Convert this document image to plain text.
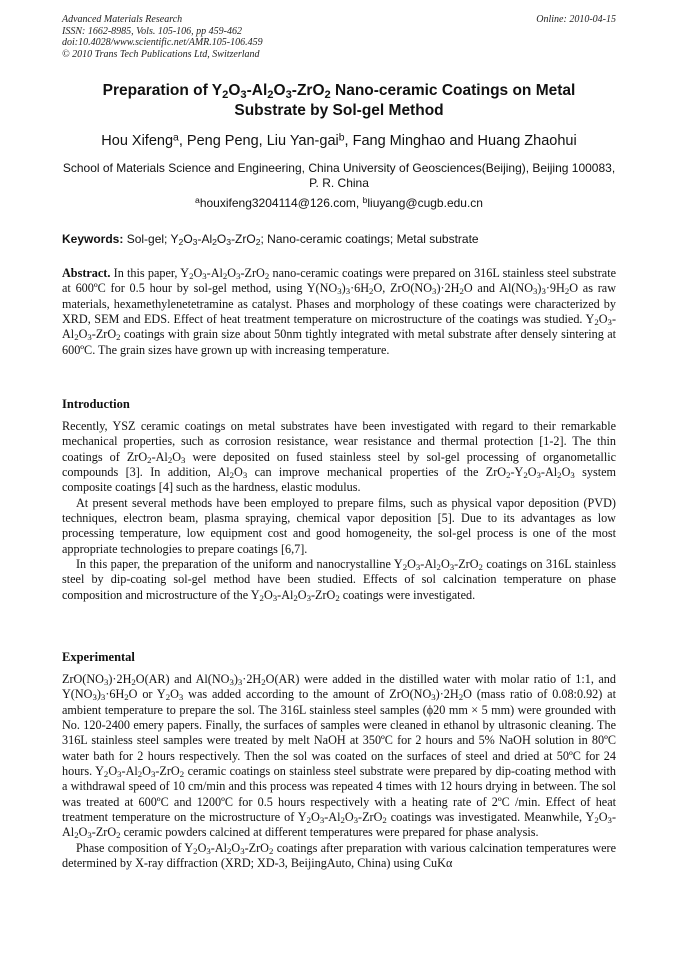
Advanced Materials Research
ISSN: 1662-8985, Vols. 105-106, pp 459-462
doi:10.4028/www.scientific.net/AMR.105-106.459
© 2010 Trans Tech Publications Ltd, Switzerland
Online: 2010-04-15
Preparation of $Y_2O_3-Al_2O_3-ZrO_2$ Nano-ceramic Coatings on Metal
Substrate by Sol-gel Method
Hou Xifeng$^a$, Peng Peng, Liu Yan-gai$^b$, Fang Minghao and Huang Zhaohui
School of Materials Science and Engineering, China University of Geosciences(Beijing), Beijing 100083, P. R. China
$^a$houxifeng3204114@126.com, $^b$liuyang@cugb.edu.cn
Keywords: Sol-gel; $Y_2O_3-Al_2O_3-ZrO_2$; Nano-ceramic coatings; Metal substrate

Abstract. In this paper, $Y_2O_3-Al_2O_3-ZrO_2$ nano-ceramic coatings were prepared on 316L stainless steel substrate at 600ºC for 0.5 hour by sol-gel method, using $Y(NO_3)_3\cdot 6H_2O$, $ZrO(NO_3)\cdot 2H_2O$ and $Al(NO_3)_3\cdot 9H_2O$ as raw materials, hexamethylenetetramine as catalyst. Phases and morphology of these coatings were characterized by XRD, SEM and EDS. Effect of heat treatment temperature on microstructure of the coatings was studied. $Y_2O_3-Al_2O_3-ZrO_2$ coatings with grain size about 50nm tightly integrated with metal substrate after densely sintering at 600ºC. The grain sizes have grown up with increasing temperature.

Introduction

Recently, YSZ ceramic coatings on metal substrates have been investigated with regard to their remarkable mechanical properties, such as corrosion resistance, wear resistance and thermal protection [1-2]. The thin coatings of $ZrO_2-Al_2O_3$ were deposited on fused stainless steel by sol-gel processing of organometallic compounds [3]. In addition, $Al_2O_3$ can improve mechanical properties of the $ZrO_2-Y_2O_3-Al_2O_3$ system composite coatings [4] such as the hardness, elastic modulus.

At present several methods have been employed to prepare films, such as physical vapor deposition (PVD) techniques, electron beam, plasma spraying, chemical vapor deposition [5]. Due to its advantages as low processing temperature, low equipment cost and good homogeneity, the sol-gel process is one of the most appropriate technologies to prepare coatings [6,7].

In this paper, the preparation of the uniform and nanocrystalline $Y_2O_3-Al_2O_3-ZrO_2$ coatings on 316L stainless steel by dip-coating sol-gel method have been studied. Effects of sol calcination temperature on phase composition and microstructure of the $Y_2O_3-Al_2O_3-ZrO_2$ coatings were investigated.

Experimental

$ZrO(NO_3)\cdot 2H_2O(AR)$ and $Al(NO_3)_3\cdot 2H_2O(AR)$ were added in the distilled water with molar ratio of 1:1, and $Y(NO_3)_3\cdot 6H_2O$ or $Y_2O_3$ was added according to the amount of $ZrO(NO_3)\cdot 2H_2O$ (mass ratio of 0.08:0.92) at ambient temperature to prepare the sol. The 316L stainless steel samples (ϕ20 mm × 5 mm) were grounded with No. 120-2400 emery papers. Finally, the surfaces of samples were cleaned in ethanol by ultrasonic cleaning. The 316L stainless steel samples were treated by melt NaOH at 350ºC for 2 hours and 5% NaOH solution in 80ºC water bath for 2 hours respectively. Then the sol was coated on the surfaces of steel and dried at 50ºC for 24 hours. $Y_2O_3-Al_2O_3-ZrO_2$ ceramic coatings on stainless steel substrate were prepared by dip-coating method with a withdrawal speed of 10 cm/min and this process was repeated 4 times with 12 hours drying in between. The sol was treated at 600ºC and 1200ºC for 0.5 hours respectively with a heating rate of 2ºC /min. Effect of heat treatment temperature on the microstructure of $Y_2O_3-Al_2O_3-ZrO_2$ coatings was investigated. Meanwhile, $Y_2O_3-Al_2O_3-ZrO_2$ ceramic powders calcined at different temperatures were prepared for phase analysis.

Phase composition of $Y_2O_3-Al_2O_3-ZrO_2$ coatings after preparation with various calcination temperatures were determined by X-ray diffraction (XRD; XD-3, BeijingAuto, China) using CuKα
